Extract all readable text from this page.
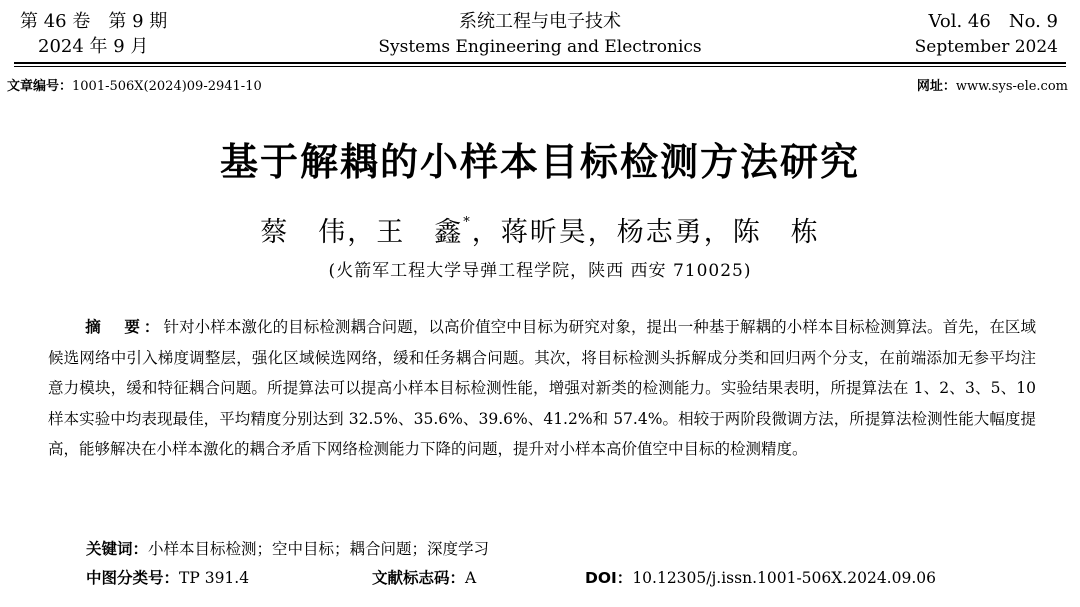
第 46 卷　第 9 期
2024 年 9 月
系统工程与电子技术
Systems Engineering and Electronics
Vol. 46　No. 9
September 2024
文章编号：1001-506X(2024)09-2941-10	网址：www.sys-ele.com
基于解耦的小样本目标检测方法研究
蔡　伟，王　鑫*，蒋昕昊，杨志勇，陈　栋
(火箭军工程大学导弹工程学院，陕西 西安 710025)
摘　要：针对小样本激化的目标检测耦合问题，以高价值空中目标为研究对象，提出一种基于解耦的小样本目标检测算法。首先，在区域候选网络中引入梯度调整层，强化区域候选网络，缓和任务耦合问题。其次，将目标检测头拆解成分类和回归两个分支，在前端添加无参平均注意力模块，缓和特征耦合问题。所提算法可以提高小样本目标检测性能，增强对新类的检测能力。实验结果表明，所提算法在 1、2、3、5、10 样本实验中均表现最佳，平均精度分别达到 32.5%、35.6%、39.6%、41.2%和 57.4%。相较于两阶段微调方法，所提算法检测性能大幅度提高，能够解决在小样本激化的耦合矛盾下网络检测能力下降的问题，提升对小样本高价值空中目标的检测精度。
关键词：小样本目标检测；空中目标；耦合问题；深度学习
中图分类号：TP 391.4	文献标志码：A	DOI：10.12305/j.issn.1001-506X.2024.09.06
